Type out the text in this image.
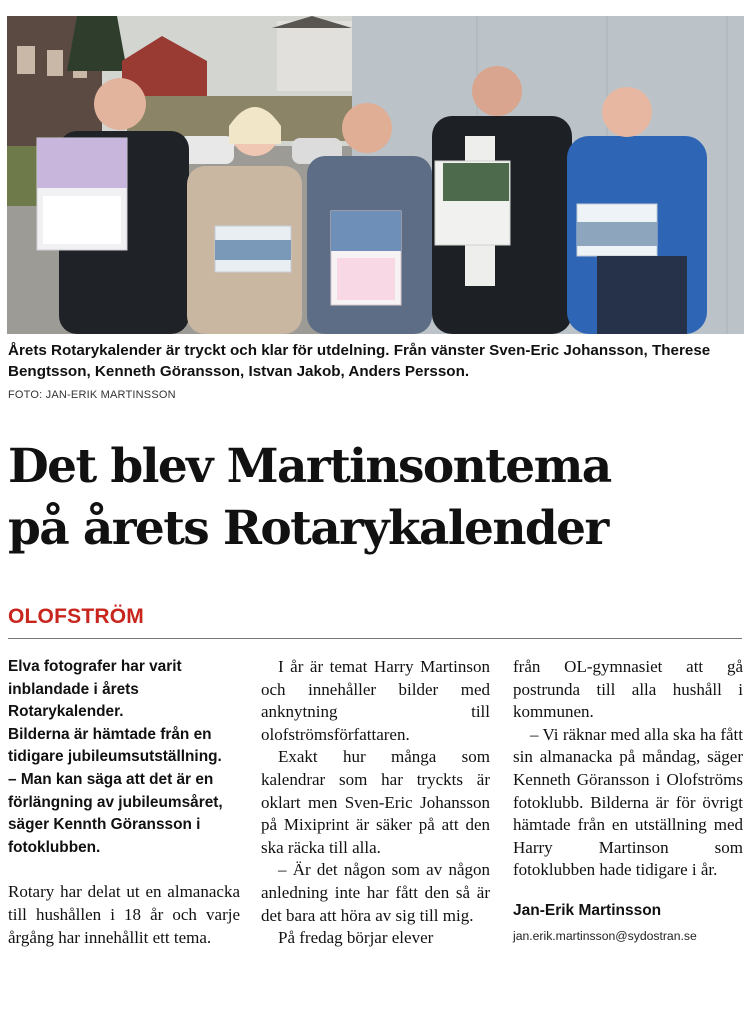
Årets Rotarykalender är tryckt och klar för utdelning. Från vänster Sven-Eric Johansson, Therese Bengtsson, Kenneth Göransson, Istvan Jakob, Anders Persson.
FOTO: JAN-ERIK MARTINSSON
Det blev Martinsontema
på årets Rotarykalender
OLOFSTRÖM

Elva fotografer har varit inblandade i årets Rotarykalender.

Bilderna är hämtade från en tidigare jubileumsutställning.

– Man kan säga att det är en förlängning av jubileumsåret, säger Kennth Göransson i fotoklubben.

Rotary har delat ut en almanacka till hushållen i 18 år och varje årgång har innehållit ett tema.

I år är temat Harry Martinson och innehåller bilder med anknytning till olofströmsförfattaren.

Exakt hur många som kalendrar som har tryckts är oklart men Sven-Eric Johansson på Mixiprint är säker på att den ska räcka till alla.

– Är det någon som av någon anledning inte har fått den så är det bara att höra av sig till mig.

På fredag börjar elever

från OL-gymnasiet att gå postrunda till alla hushåll i kommunen.

– Vi räknar med alla ska ha fått sin almanacka på måndag, säger Kenneth Göransson i Olofströms fotoklubb. Bilderna är för övrigt hämtade från en utställning med Harry Martinson som fotoklubben hade tidigare i år.

Jan-Erik Martinsson

jan.erik.martinsson@sydostran.se
